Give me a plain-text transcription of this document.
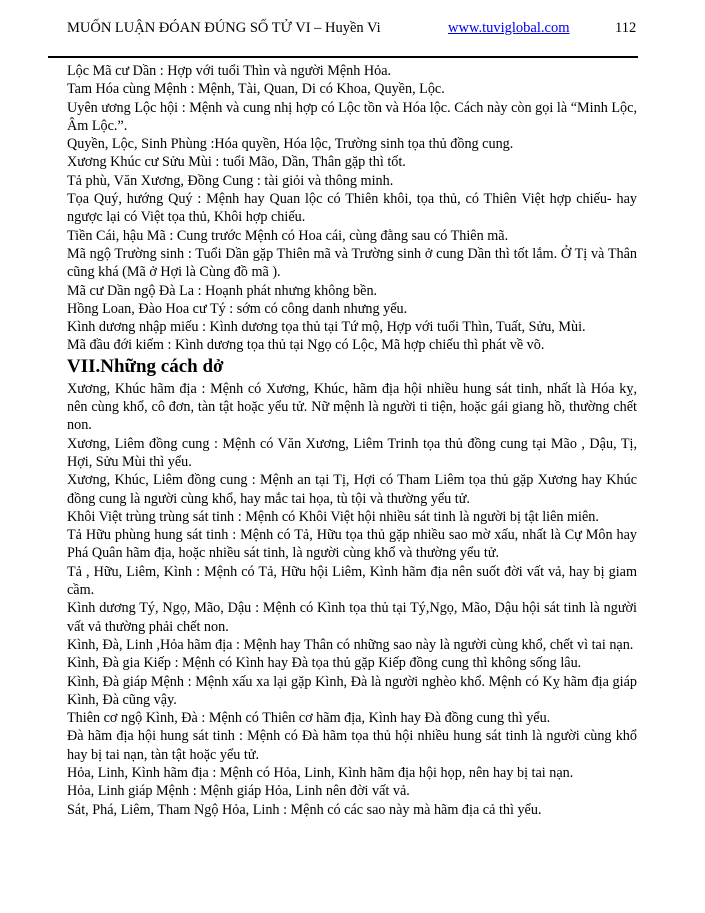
MUỐN LUẬN ĐÓAN ĐÚNG SỐ TỬ VI – Huyền Vi	www.tuviglobal.com	112

Lộc Mã cư Dần : Hợp với tuổi Thìn và người Mệnh Hỏa.

Tam Hóa cùng Mệnh : Mệnh, Tài, Quan, Di có Khoa, Quyền, Lộc.

Uyên ương Lộc hội : Mệnh và cung nhị hợp có Lộc tồn và Hóa lộc. Cách này còn gọi là “Minh Lộc, Âm Lộc.”.

Quyền, Lộc, Sinh Phùng :Hóa quyền, Hóa lộc, Trường sinh tọa thủ đồng cung.

Xương Khúc cư Sửu Mùi : tuổi Mão, Dần, Thân gặp thì tốt.

Tả phù, Văn Xương, Đồng Cung : tài giỏi và thông minh.

Tọa Quý, hướng Quý : Mệnh hay Quan lộc có Thiên khôi, tọa thủ, có Thiên Việt hợp chiếu- hay ngược lại có Việt tọa thủ, Khôi hợp chiếu.

Tiền Cái, hậu Mã : Cung trước Mệnh có Hoa cái, cùng đằng sau có Thiên mã.

Mã ngộ Trường sinh : Tuổi Dần gặp Thiên mã và Trường sinh ở cung Dần thì tốt lắm. Ở Tị và Thân cũng khá (Mã ở Hợi là Cùng đồ mã ).

Mã cư Dần ngộ Đà La : Hoạnh phát nhưng không bền.

Hồng Loan, Đào Hoa cư Tý : sớm có công danh nhưng yểu.

Kình dương nhập miếu : Kình dương tọa thủ tại Tứ mộ, Hợp với tuổi Thìn, Tuất, Sửu, Mùi.

Mã đầu đới kiếm : Kình dương tọa thủ tại Ngọ có Lộc, Mã hợp chiếu thì phát về võ.

VII.Những cách dở

Xương, Khúc hãm địa : Mệnh có Xương, Khúc, hãm địa hội nhiều hung sát tinh, nhất là Hóa kỵ, nên cùng khổ, cô đơn, tàn tật hoặc yểu tử. Nữ mệnh là người ti tiện, hoặc gái giang hồ, thường chết non.

Xương, Liêm đồng cung : Mệnh có Văn Xương, Liêm Trinh tọa thủ đồng cung tại Mão , Dậu, Tị, Hợi, Sửu Mùi thì yểu.

Xương, Khúc, Liêm đồng cung : Mệnh an tại Tị, Hợi có Tham Liêm tọa thủ gặp Xương hay Khúc đồng cung là người cùng khổ, hay mắc tai họa, tù tội và thường yểu tử.

Khôi Việt trùng trùng sát tinh : Mệnh có Khôi Việt hội nhiều sát tinh là người bị tật liên miên.

Tả Hữu phùng hung sát tinh : Mệnh có Tả, Hữu tọa thủ gặp nhiều sao mờ xấu, nhất là Cự Môn hay Phá Quân hãm địa, hoặc nhiều sát tinh, là người cùng khổ và thường yểu tử.

Tả , Hữu, Liêm, Kình : Mệnh có Tả, Hữu hội Liêm, Kình hãm địa nên suốt đời vất vả, hay bị giam cầm.

Kình dương Tý, Ngọ, Mão, Dậu : Mệnh có Kình tọa thủ tại Tý,Ngọ, Mão, Dậu hội sát tinh là người vất vả thường phải chết non.

Kình, Đà, Linh ,Hỏa hãm địa : Mệnh hay Thân có những sao này là người cùng khổ, chết vì tai nạn.

Kình, Đà gia Kiếp : Mệnh có Kình hay Đà tọa thủ gặp Kiếp đồng cung thì không sống lâu.

Kình, Đà giáp Mệnh : Mệnh xấu xa lại gặp Kình, Đà là người nghèo khổ. Mệnh có Kỵ hãm địa giáp Kình, Đà cũng vậy.

Thiên cơ ngộ Kình, Đà : Mệnh có Thiên cơ hãm địa, Kình hay Đà đồng cung thì yểu.

Đà hãm địa hội hung sát tinh : Mệnh có Đà hãm tọa thủ hội nhiều hung sát tinh là người cùng khổ hay bị tai nạn, tàn tật hoặc yểu tử.

Hỏa, Linh, Kình hãm địa : Mệnh có Hỏa, Linh, Kình hãm địa hội họp, nên hay bị tai nạn.

Hỏa, Linh giáp Mệnh : Mệnh giáp Hỏa, Linh nên đời vất vả.

Sát, Phá, Liêm, Tham Ngộ Hỏa, Linh : Mệnh có các sao này mà hãm địa cả thì yểu.
